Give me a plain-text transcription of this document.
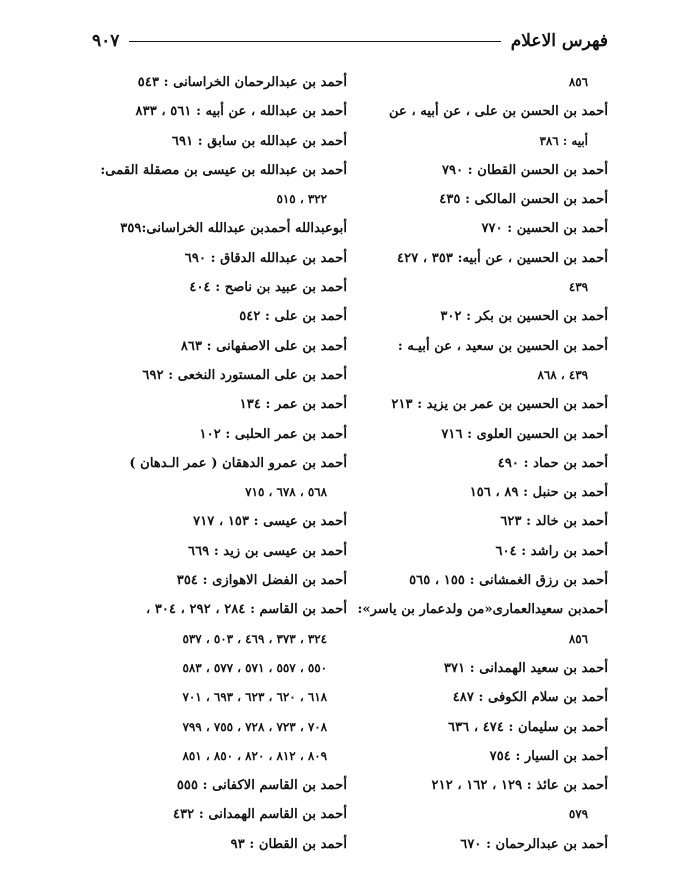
فهرس الاعلام
٩٠٧
٨٥٦
أحمد بن الحسن بن على ، عن أبيه ، عن
أبيه : ٣٨٦
أحمد بن الحسن القطان : ٧٩٠
أحمد بن الحسن المالكى : ٤٣٥
أحمد بن الحسين : ٧٧٠
أحمد بن الحسين ، عن أبيه: ٣٥٣ ، ٤٢٧
٤٣٩
أحمد بن الحسين بن بكر : ٣٠٢
أحمد بن الحسين بن سعيد ، عن أبيـه :
٤٣٩ ، ٨٦٨
أحمد بن الحسين بن عمر بن يزيد : ٢١٣
أحمد بن الحسين العلوى : ٧١٦
أحمد بن حماد : ٤٩٠
أحمد بن حنبل : ٨٩ ، ١٥٦
أحمد بن خالد : ٦٢٣
أحمد بن راشد : ٦٠٤
أحمد بن رزق الغمشانى : ١٥٥ ، ٥٦٥
أحمدبن سعيدالعمارى«من ولدعمار بن ياسر»:
٨٥٦
أحمد بن سعيد الهمدانى : ٣٧١
أحمد بن سلام الكوفى : ٤٨٧
أحمد بن سليمان : ٤٧٤ ، ٦٣٦
أحمد بن السيار : ٧٥٤
أحمد بن عائذ : ١٢٩ ، ١٦٢ ، ٢١٢
٥٧٩
أحمد بن عبدالرحمان : ٦٧٠
أحمد بن عبدالرحمان الخراسانى : ٥٤٣
أحمد بن عبدالله ، عن أبيه : ٥٦١ ، ٨٣٣
أحمد بن عبدالله بن سابق : ٦٩١
أحمد بن عبدالله بن عيسى بن مصقلة القمى:
٣٢٢ ، ٥١٥
أبوعبدالله أحمدبن عبدالله الخراسانى:٣٥٩
أحمد بن عبدالله الدقاق : ٦٩٠
أحمد بن عبيد بن ناصح : ٤٠٤
أحمد بن على : ٥٤٢
أحمد بن على الاصفهانى : ٨٦٣
أحمد بن على المستورد النخعى : ٦٩٢
أحمد بن عمر : ١٣٤
أحمد بن عمر الحلبى : ١٠٢
أحمد بن عمرو الدهقان ( عمر الـدهان )
٥٦٨ ، ٦٧٨ ، ٧١٥
أحمد بن عيسى : ١٥٣ ، ٧١٧
أحمد بن عيسى بن زيد : ٦٦٩
أحمد بن الفضل الاهوازى : ٣٥٤
أحمد بن القاسم : ٢٨٤ ، ٢٩٢ ، ٣٠٤ ،
٣٢٤ ، ٣٧٣ ، ٤٦٩ ، ٥٠٣ ، ٥٣٧
٥٥٠ ، ٥٥٧ ، ٥٧١ ، ٥٧٧ ، ٥٨٣
٦١٨ ، ٦٢٠ ، ٦٢٣ ، ٦٩٣ ، ٧٠١
٧٠٨ ، ٧٢٣ ، ٧٢٨ ، ٧٥٥ ، ٧٩٩
٨٠٩ ، ٨١٢ ، ٨٢٠ ، ٨٥٠ ، ٨٥١
أحمد بن القاسم الاكفانى : ٥٥٥
أحمد بن القاسم الهمدانى : ٤٣٢
أحمد بن القطان : ٩٣
